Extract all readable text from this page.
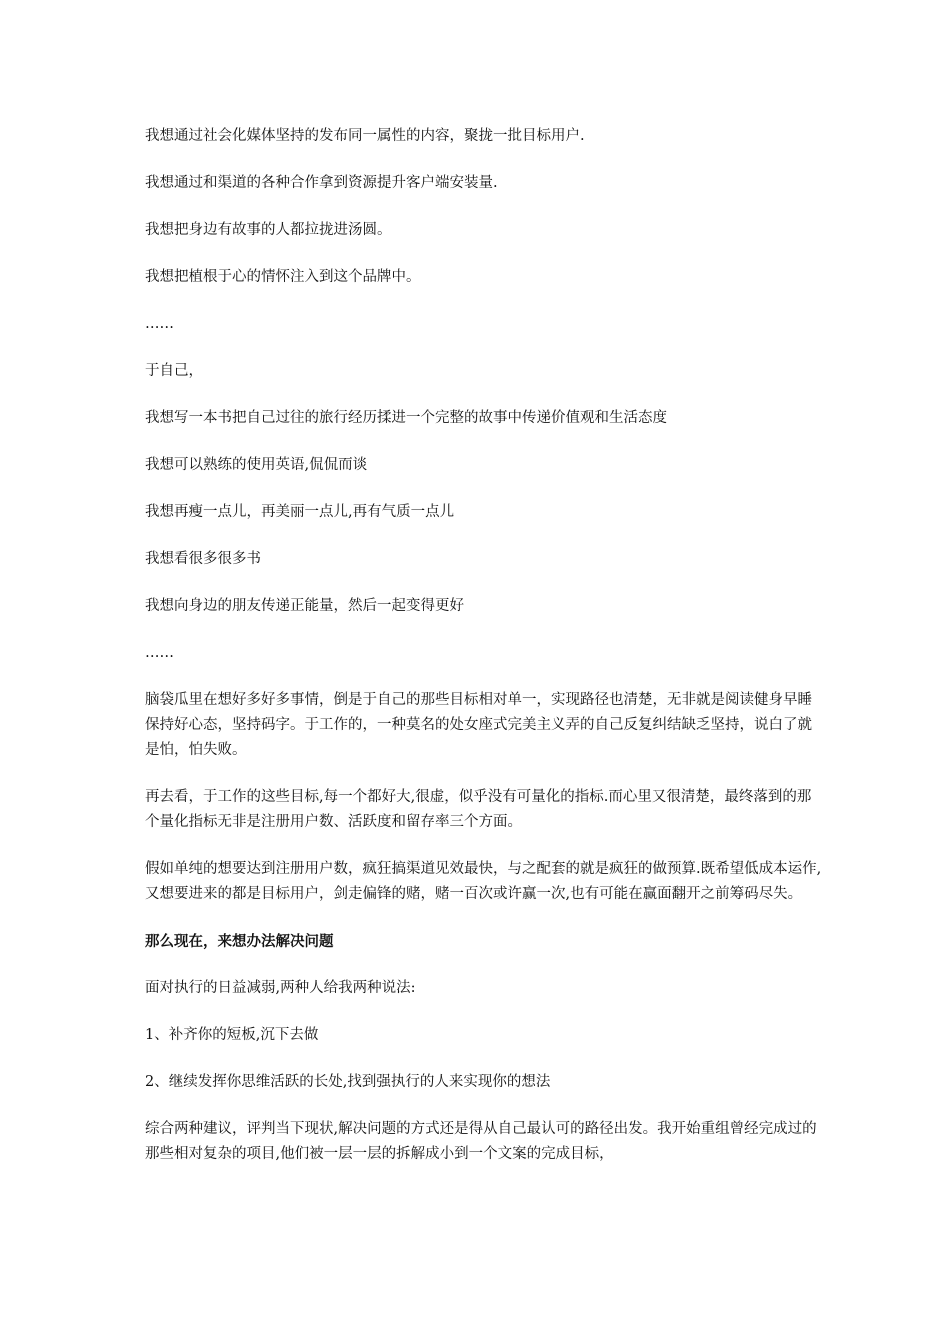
我想通过社会化媒体坚持的发布同一属性的内容，聚拢一批目标用户.

我想通过和渠道的各种合作拿到资源提升客户端安装量.

我想把身边有故事的人都拉拢进汤圆。

我想把植根于心的情怀注入到这个品牌中。

……

于自己，

我想写一本书把自己过往的旅行经历揉进一个完整的故事中传递价值观和生活态度

我想可以熟练的使用英语,侃侃而谈

我想再瘦一点儿，再美丽一点儿,再有气质一点儿

我想看很多很多书

我想向身边的朋友传递正能量，然后一起变得更好

……

脑袋瓜里在想好多好多事情，倒是于自己的那些目标相对单一，实现路径也清楚，无非就是阅读健身早睡保持好心态，坚持码字。于工作的，一种莫名的处女座式完美主义弄的自己反复纠结缺乏坚持，说白了就是怕，怕失败。

再去看，于工作的这些目标,每一个都好大,很虚，似乎没有可量化的指标.而心里又很清楚，最终落到的那个量化指标无非是注册用户数、活跃度和留存率三个方面。

假如单纯的想要达到注册用户数，疯狂搞渠道见效最快，与之配套的就是疯狂的做预算.既希望低成本运作,又想要进来的都是目标用户，剑走偏锋的赌，赌一百次或许赢一次,也有可能在赢面翻开之前筹码尽失。

那么现在，来想办法解决问题

面对执行的日益减弱,两种人给我两种说法:

1、补齐你的短板,沉下去做

2、继续发挥你思维活跃的长处,找到强执行的人来实现你的想法

综合两种建议，评判当下现状,解决问题的方式还是得从自己最认可的路径出发。我开始重组曾经完成过的那些相对复杂的项目,他们被一层一层的拆解成小到一个文案的完成目标，
